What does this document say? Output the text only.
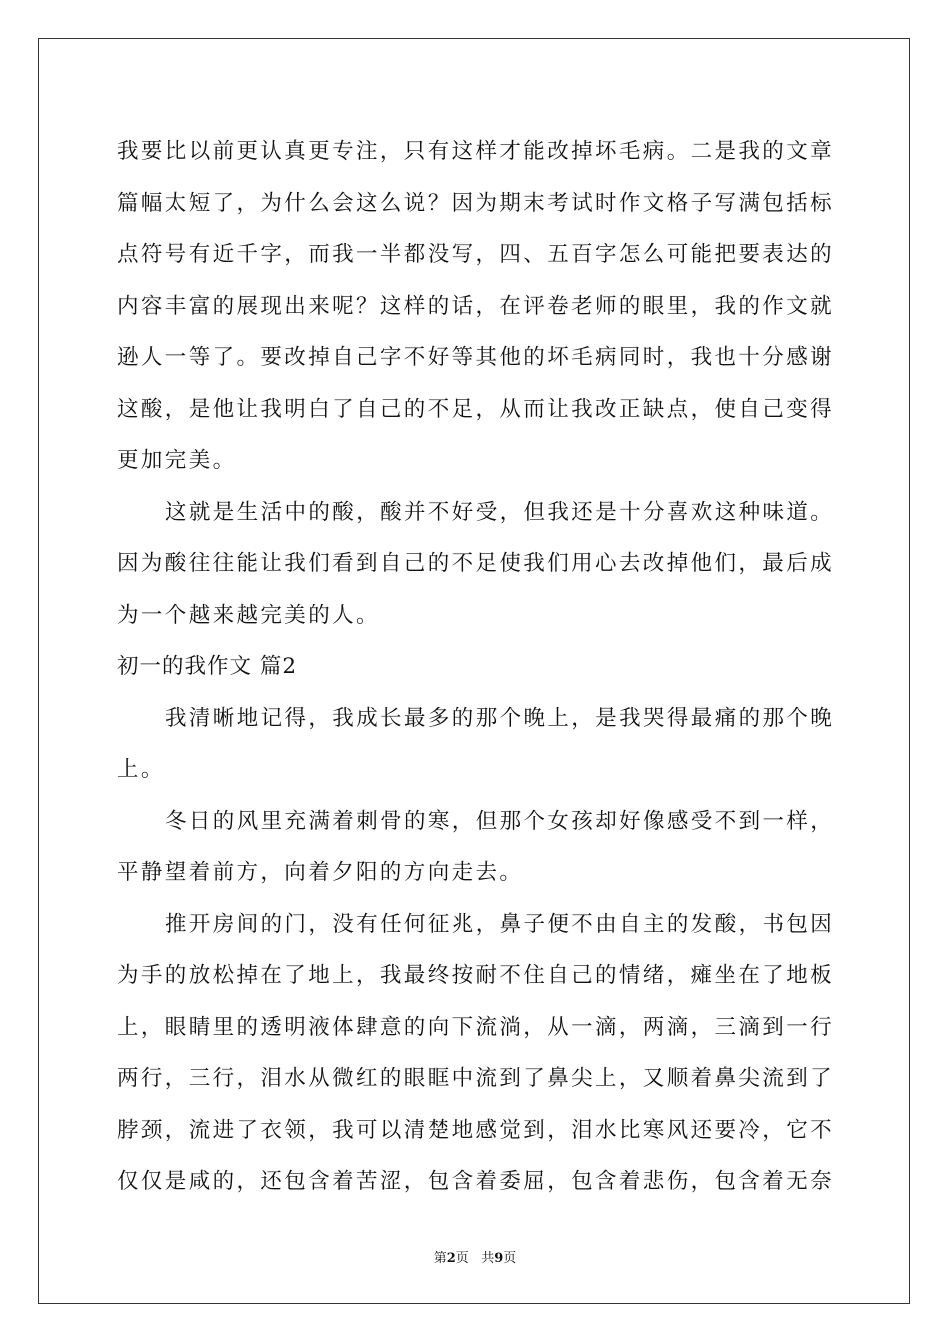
我要比以前更认真更专注，只有这样才能改掉坏毛病。二是我的文章
篇幅太短了，为什么会这么说？因为期末考试时作文格子写满包括标
点符号有近千字，而我一半都没写，四、五百字怎么可能把要表达的
内容丰富的展现出来呢？这样的话，在评卷老师的眼里，我的作文就
逊人一等了。要改掉自己字不好等其他的坏毛病同时，我也十分感谢
这酸，是他让我明白了自己的不足，从而让我改正缺点，使自己变得
更加完美。
这就是生活中的酸，酸并不好受，但我还是十分喜欢这种味道。
因为酸往往能让我们看到自己的不足使我们用心去改掉他们，最后成
为一个越来越完美的人。
初一的我作文 篇2
我清晰地记得，我成长最多的那个晚上，是我哭得最痛的那个晚
上。
冬日的风里充满着刺骨的寒，但那个女孩却好像感受不到一样，
平静望着前方，向着夕阳的方向走去。
推开房间的门，没有任何征兆，鼻子便不由自主的发酸，书包因
为手的放松掉在了地上，我最终按耐不住自己的情绪，瘫坐在了地板
上，眼睛里的透明液体肆意的向下流淌，从一滴，两滴，三滴到一行
两行，三行，泪水从微红的眼眶中流到了鼻尖上，又顺着鼻尖流到了
脖颈，流进了衣领，我可以清楚地感觉到，泪水比寒风还要冷，它不
仅仅是咸的，还包含着苦涩，包含着委屈，包含着悲伤，包含着无奈
第2页 共9页
